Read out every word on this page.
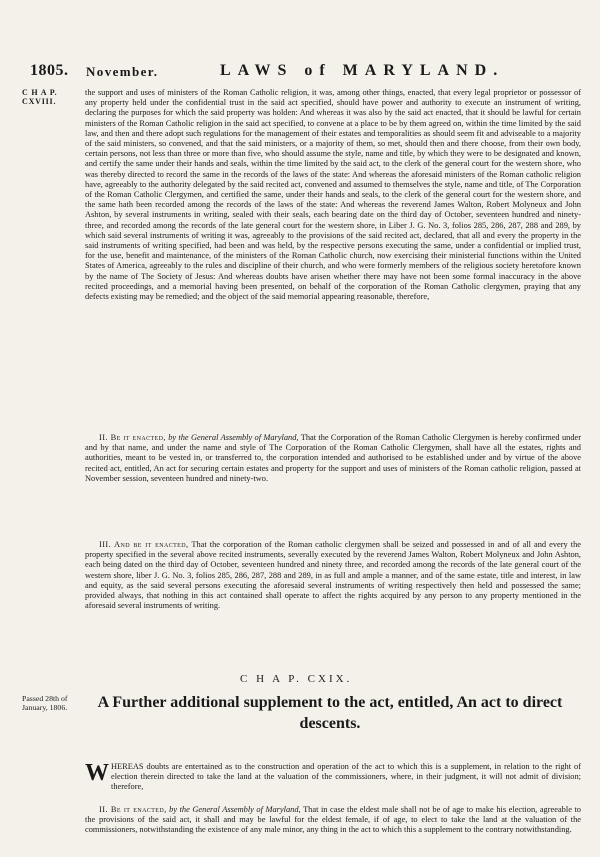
1805. November.	LAWS of MARYLAND.
C H A P.
CXVIII.

the support and uses of ministers of the Roman Catholic religion, it was, among other things, enacted, that every legal proprietor or possessor of any property held under the confidential trust in the said act specified, should have power and authority to execute an instrument of writing, declaring the purposes for which the said property was holden: And whereas it was also by the said act enacted, that it should be lawful for certain ministers of the Roman Catholic religion in the said act specified, to convene at a place to be by them agreed on, within the time limited by the said law, and then and there adopt such regulations for the management of their estates and temporalities as should seem fit and adviseable to a majority of the said ministers, so convened, and that the said ministers, or a majority of them, so met, should then and there choose, from their own body, certain persons, not less than three or more than five, who should assume the style, name and title, by which they were to be designated and known, and certify the same under their hands and seals, within the time limited by the said act, to the clerk of the general court for the western shore, who was thereby directed to record the same in the records of the laws of the state: And whereas the aforesaid ministers of the Roman catholic religion have, agreeably to the authority delegated by the said recited act, convened and assumed to themselves the style, name and title, of The Corporation of the Roman Catholic Clergymen, and certified the same, under their hands and seals, to the clerk of the general court for the western shore, and the same hath been recorded among the records of the laws of the state: And whereas the reverend James Walton, Robert Molyneux and John Ashton, by several instruments in writing, sealed with their seals, each bearing date on the third day of October, seventeen hundred and ninety-three, and recorded among the records of the late general court for the western shore, in Liber J. G. No. 3, folios 285, 286, 287, 288 and 289, by which said several instruments of writing it was, agreeably to the provisions of the said recited act, declared, that all and every the property in the said instruments of writing specified, had been and was held, by the respective persons executing the same, under a confidential or implied trust, for the use, benefit and maintenance, of the ministers of the Roman Catholic church, now exercising their ministerial functions within the United States of America, agreeably to the rules and discipline of their church, and who were formerly members of the religious society heretofore known by the name of The Society of Jesus: And whereas doubts have arisen whether there may have not been some formal inaccuracy in the above recited proceedings, and a memorial having been presented, on behalf of the corporation of the Roman Catholic clergymen, praying that any defects existing may be remedied; and the object of the said memorial appearing reasonable, therefore,

II. Be it enacted, by the General Assembly of Maryland, That the Corporation of the Roman Catholic Clergymen is hereby confirmed under and by that name, and under the name and style of The Corporation of the Roman Catholic Clergymen, shall have all the estates, rights and authorities, meant to be vested in, or transferred to, the corporation intended and authorised to be established under and by virtue of the above recited act, entitled, An act for securing certain estates and property for the support and uses of ministers of the Roman catholic religion, passed at November session, seventeen hundred and ninety-two.

III. And be it enacted, That the corporation of the Roman catholic clergymen shall be seized and possessed in and of all and every the property specified in the several above recited instruments, severally executed by the reverend James Walton, Robert Molyneux and John Ashton, each being dated on the third day of October, seventeen hundred and ninety three, and recorded among the records of the late general court of the western shore, liber J. G. No. 3, folios 285, 286, 287, 288 and 289, in as full and ample a manner, and of the same estate, title and interest, in law and equity, as the said several persons executing the aforesaid several instruments of writing respectively then held and possessed the same; provided always, that nothing in this act contained shall operate to affect the rights acquired by any person to any property mentioned in the aforesaid several instruments of writing.

C H A P. CXIX.
Passed 28th of
January, 1806.	A Further additional supplement to the act, entitled, An act to direct descents.
W HEREAS doubts are entertained as to the construction and operation of the act to which this is a supplement, in relation to the right of election therein directed to take the land at the valuation of the commissioners, where, in their judgment, it will not admit of division; therefore,

II. Be it enacted, by the General Assembly of Maryland, That in case the eldest male shall not be of age to make his election, agreeable to the provisions of the said act, it shall and may be lawful for the eldest female, if of age, to elect to take the land at the valuation of the commissioners, notwithstanding the existence of any male minor, any thing in the act to which this a supplement to the contrary notwithstanding.
